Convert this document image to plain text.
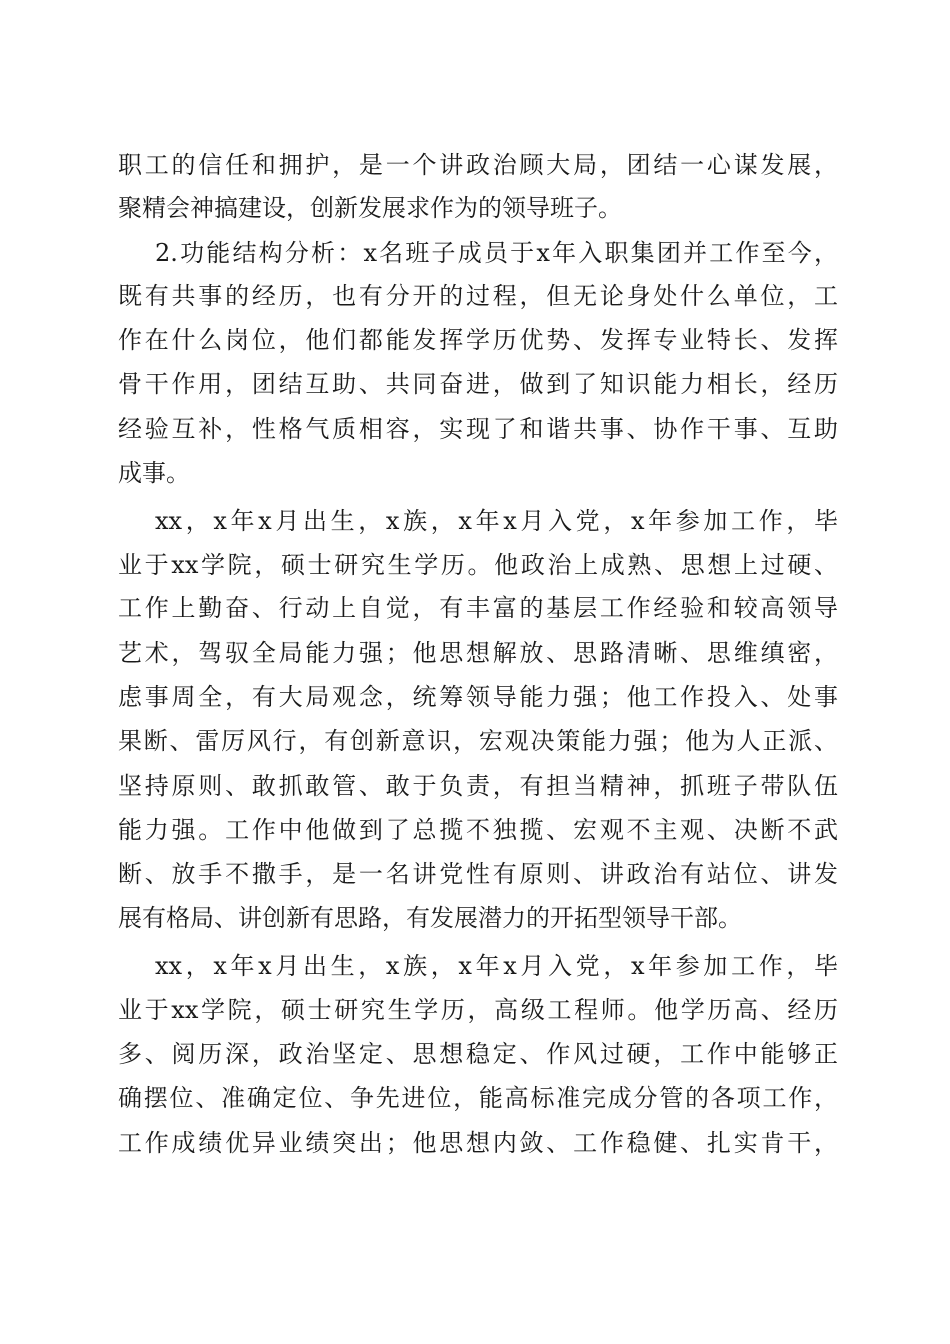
职工的信任和拥护，是一个讲政治顾大局，团结一心谋发展，
聚精会神搞建设，创新发展求作为的领导班子。
2.功能结构分析：x名班子成员于x年入职集团并工作至今，
既有共事的经历，也有分开的过程，但无论身处什么单位，工
作在什么岗位，他们都能发挥学历优势、发挥专业特长、发挥
骨干作用，团结互助、共同奋进，做到了知识能力相长，经历
经验互补，性格气质相容，实现了和谐共事、协作干事、互助
成事。
xx，x年x月出生，x族，x年x月入党，x年参加工作，毕
业于xx学院，硕士研究生学历。他政治上成熟、思想上过硬、
工作上勤奋、行动上自觉，有丰富的基层工作经验和较高领导
艺术，驾驭全局能力强；他思想解放、思路清晰、思维缜密，
虑事周全，有大局观念，统筹领导能力强；他工作投入、处事
果断、雷厉风行，有创新意识，宏观决策能力强；他为人正派、
坚持原则、敢抓敢管、敢于负责，有担当精神，抓班子带队伍
能力强。工作中他做到了总揽不独揽、宏观不主观、决断不武
断、放手不撒手，是一名讲党性有原则、讲政治有站位、讲发
展有格局、讲创新有思路，有发展潜力的开拓型领导干部。
xx，x年x月出生，x族，x年x月入党，x年参加工作，毕
业于xx学院，硕士研究生学历，高级工程师。他学历高、经历
多、阅历深，政治坚定、思想稳定、作风过硬，工作中能够正
确摆位、准确定位、争先进位，能高标准完成分管的各项工作，
工作成绩优异业绩突出；他思想内敛、工作稳健、扎实肯干，
